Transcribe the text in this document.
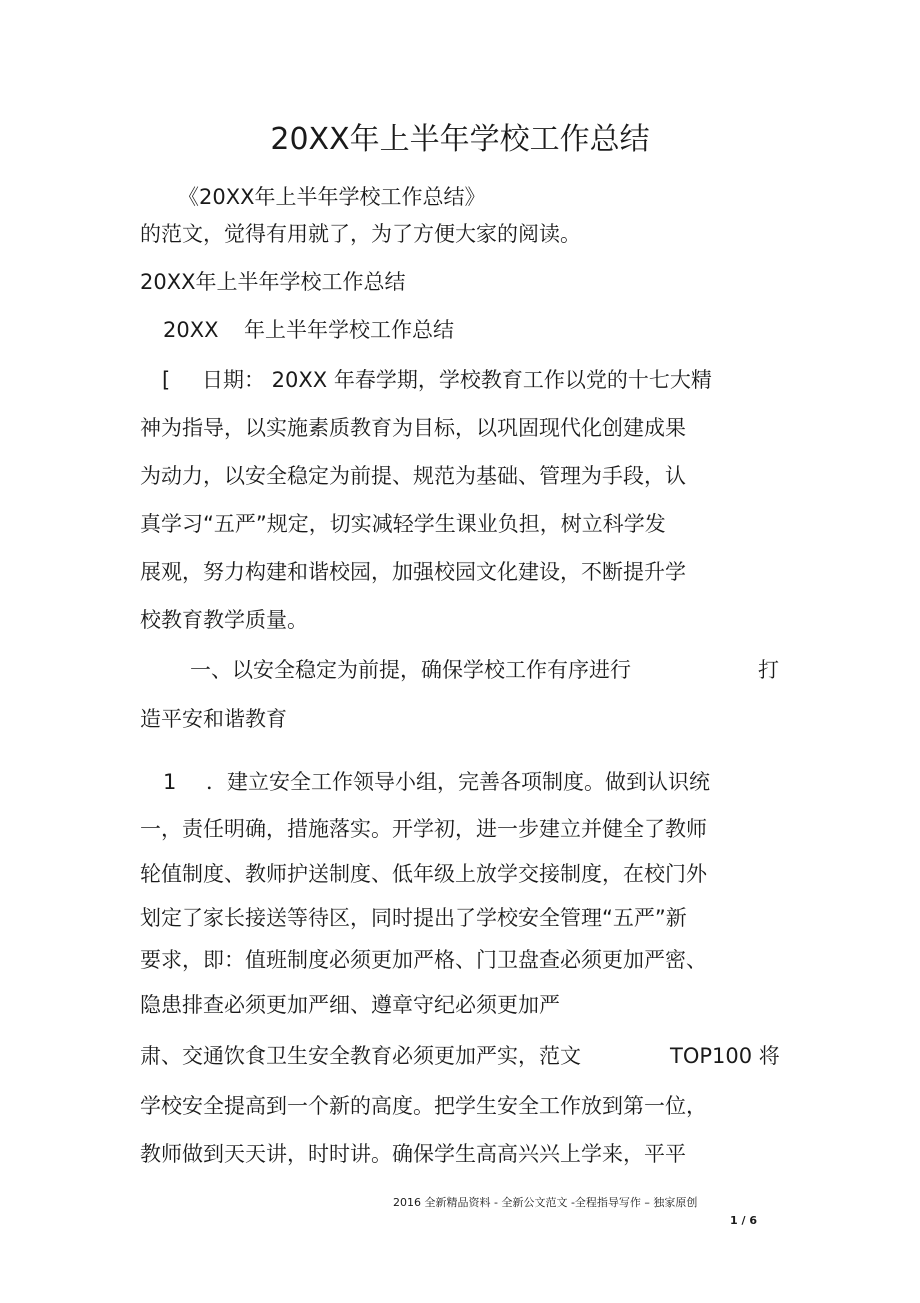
20XX年上半年学校工作总结
《20XX年上半年学校工作总结》
的范文，觉得有用就了，为了方便大家的阅读。
20XX年上半年学校工作总结
20XX 年上半年学校工作总结
[ 日期： 20XX 年春学期，学校教育工作以党的十七大精
神为指导，以实施素质教育为目标，以巩固现代化创建成果
为动力，以安全稳定为前提、规范为基础、管理为手段，认
真学习“五严”规定，切实减轻学生课业负担，树立科学发
展观，努力构建和谐校园，加强校园文化建设，不断提升学
校教育教学质量。
一、以安全稳定为前提，确保学校工作有序进行	打
造平安和谐教育
1 ．建立安全工作领导小组，完善各项制度。做到认识统
一，责任明确，措施落实。开学初，进一步建立并健全了教师
轮值制度、教师护送制度、低年级上放学交接制度，在校门外
划定了家长接送等待区，同时提出了学校安全管理“五严”新
要求，即：值班制度必须更加严格、门卫盘查必须更加严密、
隐患排查必须更加严细、遵章守纪必须更加严
肃、交通饮食卫生安全教育必须更加严实，范文	TOP100 将
学校安全提高到一个新的高度。把学生安全工作放到第一位，
教师做到天天讲，时时讲。确保学生高高兴兴上学来，平平
2016 全新精品资料 - 全新公文范文 -全程指导写作 – 独家原创
1 / 6
